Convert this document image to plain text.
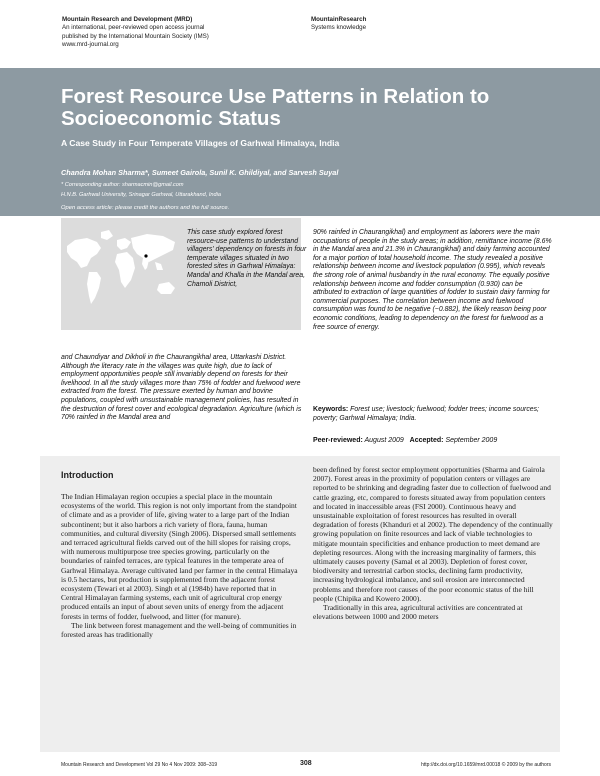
Mountain Research and Development (MRD)
An international, peer-reviewed open access journal
published by the International Mountain Society (IMS)
www.mrd-journal.org
MountainResearch
Systems knowledge
Forest Resource Use Patterns in Relation to Socioeconomic Status
A Case Study in Four Temperate Villages of Garhwal Himalaya, India
Chandra Mohan Sharma*, Sumeet Gairola, Sunil K. Ghildiyal, and Sarvesh Suyal
* Corresponding author: sharmacmin@gmail.com
H.N.B. Garhwal University, Srinagar Garhwal, Uttarakhand, India
Open access article: please credit the authors and the full source.
This case study explored forest resource-use patterns to understand villagers' dependency on forests in four temperate villages situated in two forested sites in Garhwal Himalaya: Mandal and Khalla in the Mandal area, Chamoli District,
and Chaundiyar and Dikholi in the Chaurangikhal area, Uttarkashi District. Although the literacy rate in the villages was quite high, due to lack of employment opportunities people still invariably depend on forests for their livelihood. In all the study villages more than 75% of fodder and fuelwood were extracted from the forest. The pressure exerted by human and bovine populations, coupled with unsustainable management policies, has resulted in the destruction of forest cover and ecological degradation. Agriculture (which is 70% rainfed in the Mandal area and
90% rainfed in Chaurangikhal) and employment as laborers were the main occupations of people in the study areas; in addition, remittance income (8.6% in the Mandal area and 21.3% in Chaurangikhal) and dairy farming accounted for a major portion of total household income. The study revealed a positive relationship between income and livestock population (0.995), which reveals the strong role of animal husbandry in the rural economy. The equally positive relationship between income and fodder consumption (0.930) can be attributed to extraction of large quantities of fodder to sustain dairy farming for commercial purposes. The correlation between income and fuelwood consumption was found to be negative (−0.882), the likely reason being poor economic conditions, leading to dependency on the forest for fuelwood as a free source of energy.
Keywords: Forest use; livestock; fuelwood; fodder trees; income sources; poverty; Garhwal Himalaya; India.
Peer-reviewed: August 2009 Accepted: September 2009
Introduction
The Indian Himalayan region occupies a special place in the mountain ecosystems of the world. This region is not only important from the standpoint of climate and as a provider of life, giving water to a large part of the Indian subcontinent; but it also harbors a rich variety of flora, fauna, human communities, and cultural diversity (Singh 2006). Dispersed small settlements and terraced agricultural fields carved out of the hill slopes for raising crops, with numerous multipurpose tree species growing, particularly on the boundaries of rainfed terraces, are typical features in the temperate area of Garhwal Himalaya. Average cultivated land per farmer in the central Himalaya is 0.5 hectares, but production is supplemented from the adjacent forest ecosystem (Tewari et al 2003). Singh et al (1984b) have reported that in Central Himalayan farming systems, each unit of agricultural crop energy produced entails an input of about seven units of energy from the adjacent forests in terms of fodder, fuelwood, and litter (for manure).
The link between forest management and the well-being of communities in forested areas has traditionally
been defined by forest sector employment opportunities (Sharma and Gairola 2007). Forest areas in the proximity of population centers or villages are reported to be shrinking and degrading faster due to collection of fuelwood and cattle grazing, etc, compared to forests situated away from population centers and located in inaccessible areas (FSI 2000). Continuous heavy and unsustainable exploitation of forest resources has resulted in overall degradation of forests (Khanduri et al 2002). The dependency of the continually growing population on finite resources and lack of viable technologies to mitigate mountain specificities and enhance production to meet demand are depleting resources. Along with the increasing marginality of farmers, this ultimately causes poverty (Samal et al 2003). Depletion of forest cover, biodiversity and terrestrial carbon stocks, declining farm productivity, increasing hydrological imbalance, and soil erosion are interconnected problems and therefore root causes of the poor economic status of the hill people (Chipika and Kowero 2000).
Traditionally in this area, agricultural activities are concentrated at elevations between 1000 and 2000 meters
Mountain Research and Development Vol 29 No 4 Nov 2009: 308–319	308	http://dx.doi.org/10.1659/mrd.00018 © 2009 by the authors
